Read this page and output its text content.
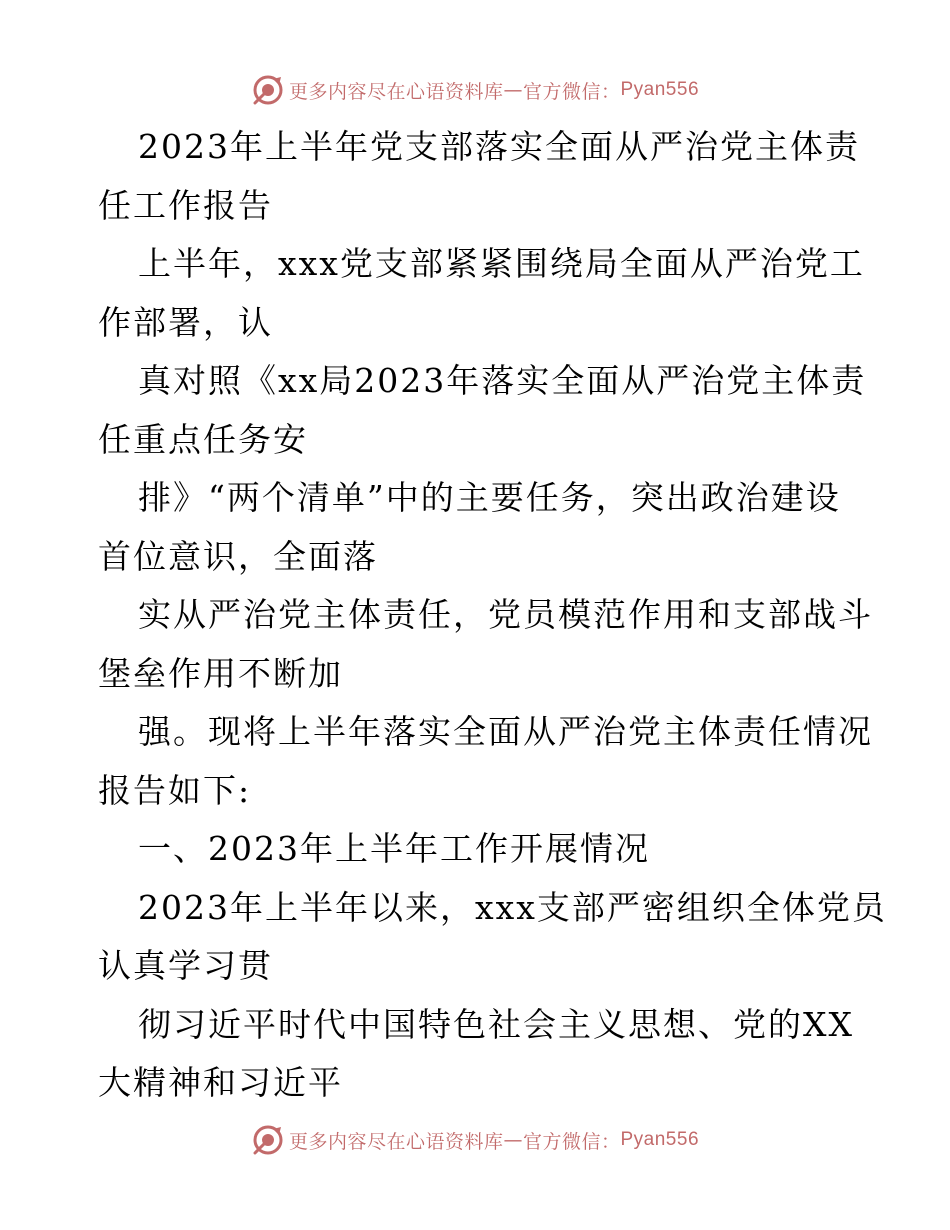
更多内容尽在心语资料库 — 官方微信： Pyan556
2023年上半年党支部落实全面从严治党主体责
任工作报告
上半年，xxx党支部紧紧围绕局全面从严治党工
作部署，认
真对照《xx局2023年落实全面从严治党主体责
任重点任务安
排》“两个清单”中的主要任务，突出政治建设
首位意识，全面落
实从严治党主体责任，党员模范作用和支部战斗
堡垒作用不断加
强。现将上半年落实全面从严治党主体责任情况
报告如下:
一、2023年上半年工作开展情况
2023年上半年以来，xxx支部严密组织全体党员
认真学习贯
彻习近平时代中国特色社会主义思想、党的XX
大精神和习近平
更多内容尽在心语资料库 — 官方微信： Pyan556
